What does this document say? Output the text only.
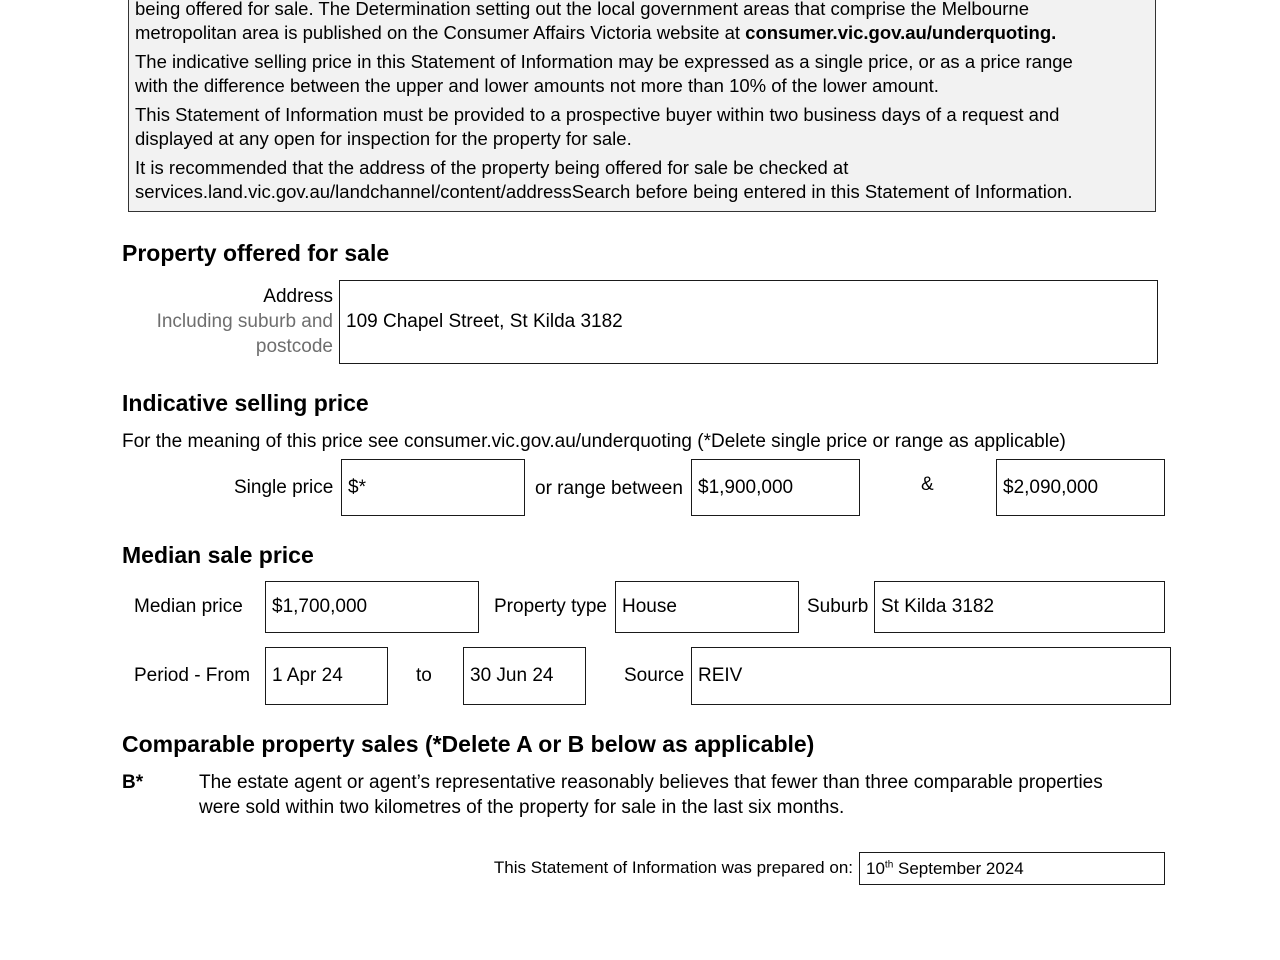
being offered for sale. The Determination setting out the local government areas that comprise the Melbourne
metropolitan area is published on the Consumer Affairs Victoria website at consumer.vic.gov.au/underquoting.
The indicative selling price in this Statement of Information may be expressed as a single price, or as a price range
with the difference between the upper and lower amounts not more than 10% of the lower amount.
This Statement of Information must be provided to a prospective buyer within two business days of a request and
displayed at any open for inspection for the property for sale.
It is recommended that the address of the property being offered for sale be checked at
services.land.vic.gov.au/landchannel/content/addressSearch before being entered in this Statement of Information.
Property offered for sale
Address
Including suburb and
postcode
109 Chapel Street, St Kilda 3182
Indicative selling price
For the meaning of this price see consumer.vic.gov.au/underquoting (*Delete single price or range as applicable)
Single price $*	or range between $1,900,000	&	$2,090,000
Median sale price
Median price $1,700,000	Property type House	Suburb St Kilda 3182
Period - From 1 Apr 24	to 30 Jun 24	Source REIV
Comparable property sales (*Delete A or B below as applicable)
B*	The estate agent or agent’s representative reasonably believes that fewer than three comparable properties
were sold within two kilometres of the property for sale in the last six months.
This Statement of Information was prepared on: 10th September 2024
